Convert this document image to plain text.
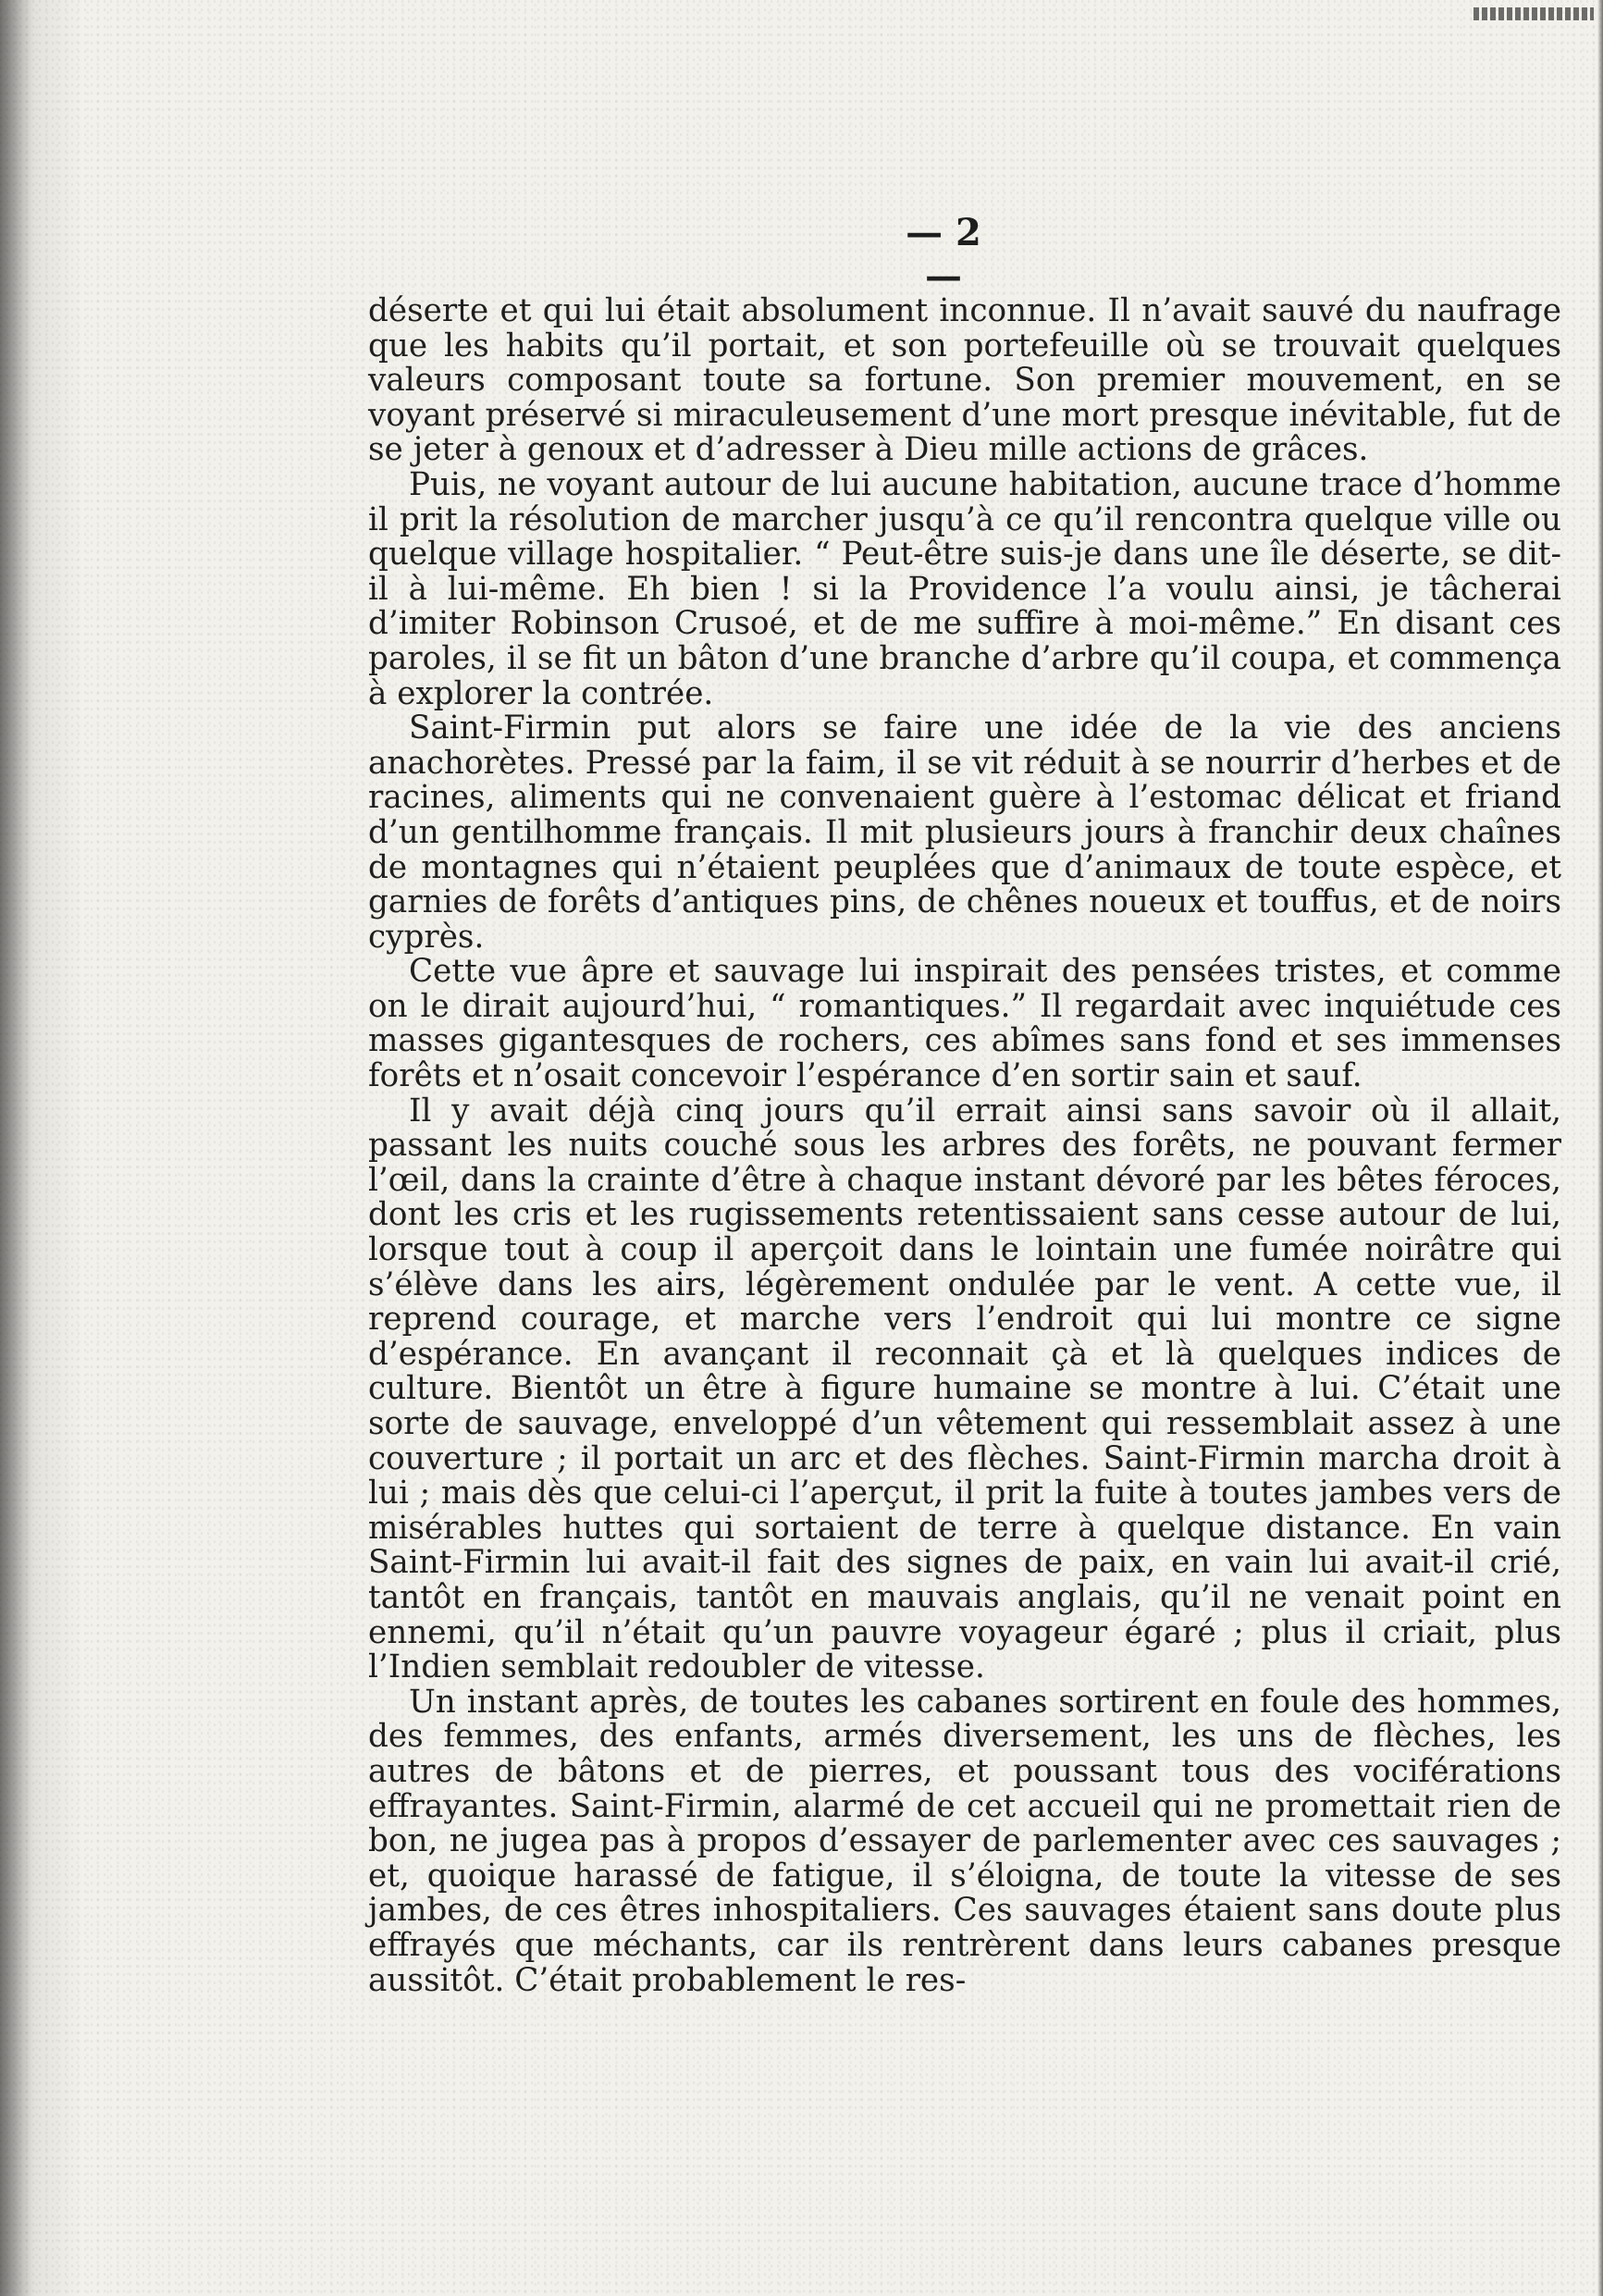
— 2 —

déserte et qui lui était absolument inconnue. Il n’avait sauvé du naufrage que les habits qu’il portait, et son portefeuille où se trouvait quelques valeurs composant toute sa fortune. Son premier mouvement, en se voyant préservé si miraculeusement d’une mort presque inévitable, fut de se jeter à genoux et d’adresser à Dieu mille actions de grâces.

Puis, ne voyant autour de lui aucune habitation, aucune trace d’homme il prit la résolution de marcher jusqu’à ce qu’il rencontra quelque ville ou quelque village hospitalier. “ Peut-être suis-je dans une île déserte, se dit-il à lui-même. Eh bien ! si la Providence l’a voulu ainsi, je tâcherai d’imiter Robinson Crusoé, et de me suffire à moi-même.” En disant ces paroles, il se fit un bâton d’une branche d’arbre qu’il coupa, et commença à explorer la contrée.

Saint-Firmin put alors se faire une idée de la vie des anciens anachorètes. Pressé par la faim, il se vit réduit à se nourrir d’herbes et de racines, aliments qui ne convenaient guère à l’estomac délicat et friand d’un gentilhomme français. Il mit plusieurs jours à franchir deux chaînes de montagnes qui n’étaient peuplées que d’animaux de toute espèce, et garnies de forêts d’antiques pins, de chênes noueux et touffus, et de noirs cyprès.

Cette vue âpre et sauvage lui inspirait des pensées tristes, et comme on le dirait aujourd’hui, “ romantiques.” Il regardait avec inquiétude ces masses gigantesques de rochers, ces abîmes sans fond et ses immenses forêts et n’osait concevoir l’espérance d’en sortir sain et sauf.

Il y avait déjà cinq jours qu’il errait ainsi sans savoir où il allait, passant les nuits couché sous les arbres des forêts, ne pouvant fermer l’œil, dans la crainte d’être à chaque instant dévoré par les bêtes féroces, dont les cris et les rugissements retentissaient sans cesse autour de lui, lorsque tout à coup il aperçoit dans le lointain une fumée noirâtre qui s’élève dans les airs, légèrement ondulée par le vent. A cette vue, il reprend courage, et marche vers l’endroit qui lui montre ce signe d’espérance. En avançant il reconnait çà et là quelques indices de culture. Bientôt un être à figure humaine se montre à lui. C’était une sorte de sauvage, enveloppé d’un vêtement qui ressemblait assez à une couverture ; il portait un arc et des flèches. Saint-Firmin marcha droit à lui ; mais dès que celui-ci l’aperçut, il prit la fuite à toutes jambes vers de misérables huttes qui sortaient de terre à quelque distance. En vain Saint-Firmin lui avait-il fait des signes de paix, en vain lui avait-il crié, tantôt en français, tantôt en mauvais anglais, qu’il ne venait point en ennemi, qu’il n’était qu’un pauvre voyageur égaré ; plus il criait, plus l’Indien semblait redoubler de vitesse.

Un instant après, de toutes les cabanes sortirent en foule des hommes, des femmes, des enfants, armés diversement, les uns de flèches, les autres de bâtons et de pierres, et poussant tous des vociférations effrayantes. Saint-Firmin, alarmé de cet accueil qui ne promettait rien de bon, ne jugea pas à propos d’essayer de parlementer avec ces sauvages ; et, quoique harassé de fatigue, il s’éloigna, de toute la vitesse de ses jambes, de ces êtres inhospitaliers. Ces sauvages étaient sans doute plus effrayés que méchants, car ils rentrèrent dans leurs cabanes presque aussitôt. C’était probablement le res-
